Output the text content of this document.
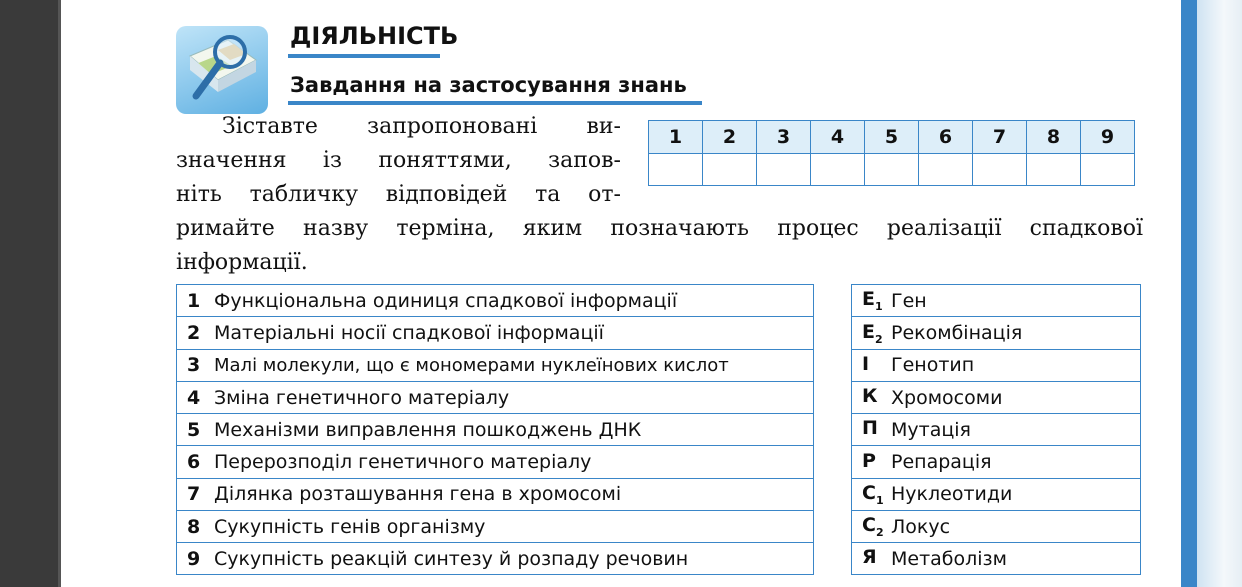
ДІЯЛЬНІСТЬ
Завдання на застосування знань
Зіставте запропоновані ви-
значення із поняттями, запов-
ніть табличку відповідей та от-
римайте назву терміна, яким позначають процес реалізації спадкової
інформації.
1	2	3	4	5	6	7	8	9

1 Функціональна одиниця спадкової інформації
2 Матеріальні носії спадкової інформації
3 Малі молекули, що є мономерами нуклеїнових кислот
4 Зміна генетичного матеріалу
5 Механізми виправлення пошкоджень ДНК
6 Перерозподіл генетичного матеріалу
7 Ділянка розташування гена в хромосомі
8 Сукупність генів організму
9 Сукупність реакцій синтезу й розпаду речовин
$Е_1$ Ген
$Е_2$ Рекомбінація
І	Генотип
К Хромосоми
П Мутація
Р Репарація
$С_1$ Нуклеотиди
$С_2$ Локус
Я Метаболізм
